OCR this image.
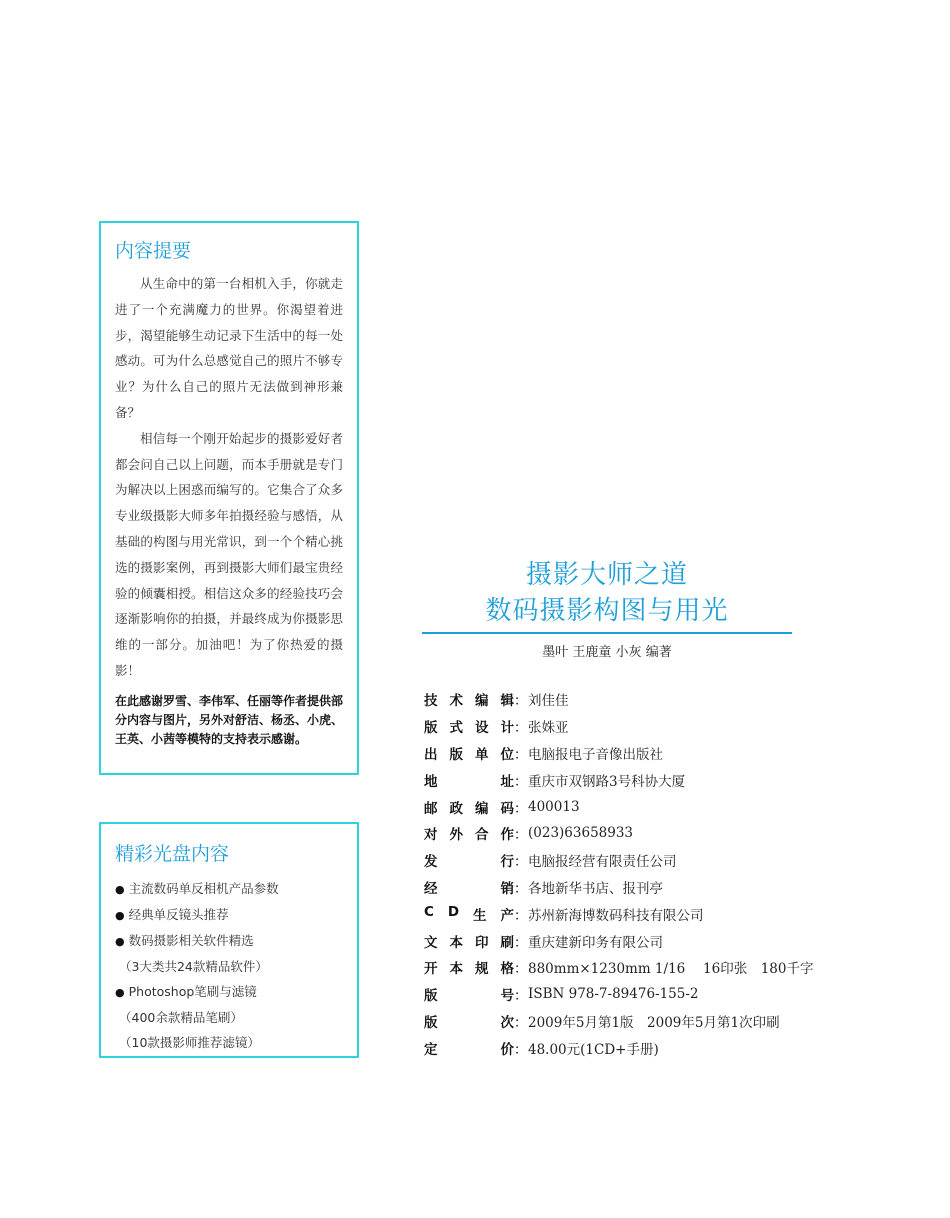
内容提要

从生命中的第一台相机入手，你就走进了一个充满魔力的世界。你渴望着进步，渴望能够生动记录下生活中的每一处感动。可为什么总感觉自己的照片不够专业？为什么自己的照片无法做到神形兼备？

相信每一个刚开始起步的摄影爱好者都会问自己以上问题，而本手册就是专门为解决以上困惑而编写的。它集合了众多专业级摄影大师多年拍摄经验与感悟，从基础的构图与用光常识，到一个个精心挑选的摄影案例，再到摄影大师们最宝贵经验的倾囊相授。相信这众多的经验技巧会逐渐影响你的拍摄，并最终成为你摄影思维的一部分。加油吧！为了你热爱的摄影！

在此感谢罗雪、李伟军、任丽等作者提供部分内容与图片，另外对舒洁、杨丞、小虎、王英、小茜等模特的支持表示感谢。
精彩光盘内容
● 主流数码单反相机产品参数
● 经典单反镜头推荐
● 数码摄影相关软件精选
（3大类共24款精品软件）
● Photoshop笔刷与滤镜
（400余款精品笔刷）
（10款摄影师推荐滤镜）
摄影大师之道
数码摄影构图与用光
墨叶 王鹿童 小灰 编著
技 术 编 辑 ： 刘佳佳
版 式 设 计 ： 张姝亚
出 版 单 位 ： 电脑报电子音像出版社
地	址 ： 重庆市双钢路3号科协大厦
邮 政 编 码 ： 400013
对 外 合 作 ： (023)63658933
发	行 ： 电脑报经营有限责任公司
经	销 ： 各地新华书店、报刊亭
C D 生 产 ： 苏州新海博数码科技有限公司
文 本 印 刷 ： 重庆建新印务有限公司
开 本 规 格 ： 880mm×1230mm 1/16　 16印张　180千字
版	号 ： ISBN 978-7-89476-155-2
版	次 ： 2009年5月第1版　2009年5月第1次印刷
定	价 ： 48.00元(1CD+手册)
